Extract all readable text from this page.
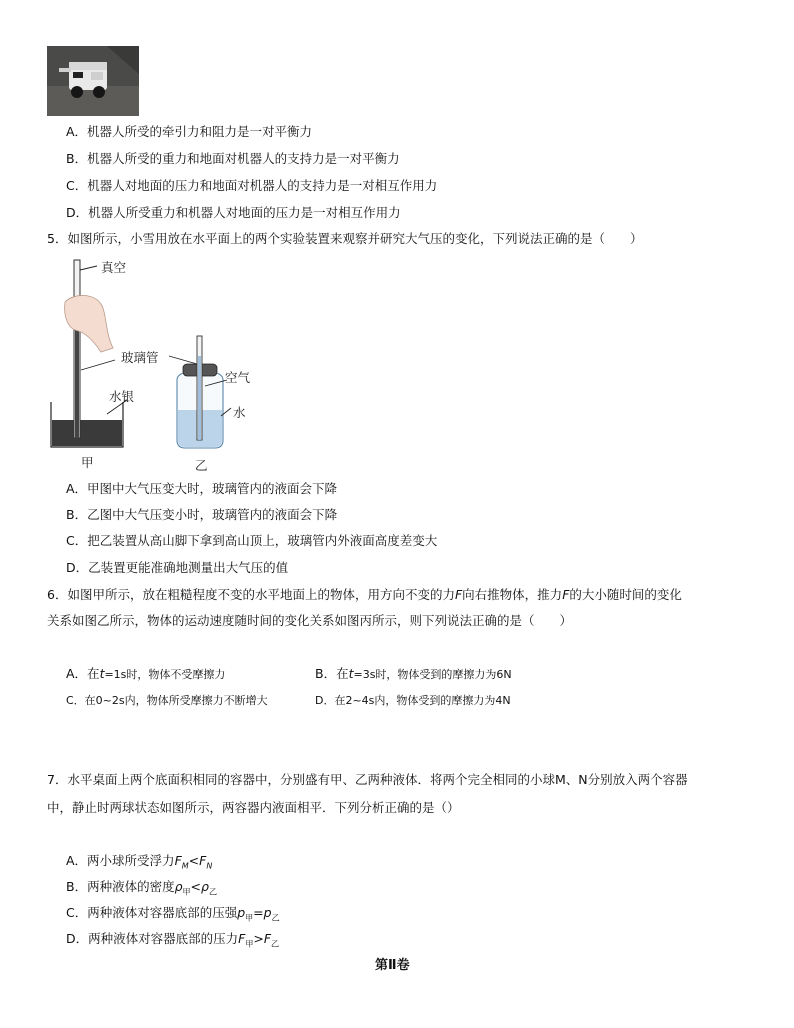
A．机器人所受的牵引力和阻力是一对平衡力
B．机器人所受的重力和地面对机器人的支持力是一对平衡力
C．机器人对地面的压力和地面对机器人的支持力是一对相互作用力
D．机器人所受重力和机器人对地面的压力是一对相互作用力
5．如图所示，小雪用放在水平面上的两个实验装置来观察并研究大气压的变化，下列说法正确的是（　　）
真空
玻璃管
水银
空气
水
甲	乙
A．甲图中大气压变大时，玻璃管内的液面会下降
B．乙图中大气压变小时，玻璃管内的液面会下降
C．把乙装置从高山脚下拿到高山顶上，玻璃管内外液面高度差变大
D．乙装置更能准确地测量出大气压的值
6．如图甲所示，放在粗糙程度不变的水平地面上的物体，用方向不变的力F向右推物体，推力F的大小随时间的变化
关系如图乙所示，物体的运动速度随时间的变化关系如图丙所示，则下列说法正确的是（　　）
A．在t=1s时，物体不受摩擦力	B．在t=3s时，物体受到的摩擦力为6N
C．在0~2s内，物体所受摩擦力不断增大	D．在2~4s内，物体受到的摩擦力为4N
7．水平桌面上两个底面积相同的容器中，分别盛有甲、乙两种液体．将两个完全相同的小球M、N分别放入两个容器
中，静止时两球状态如图所示，两容器内液面相平．下列分析正确的是（）
A．两小球所受浮力$F_M<F_N$
B．两种液体的密度$\rho_甲<\rho_乙$
C．两种液体对容器底部的压强$p_甲=p_乙$
D．两种液体对容器底部的压力$F_甲>F_乙$
第Ⅱ卷
